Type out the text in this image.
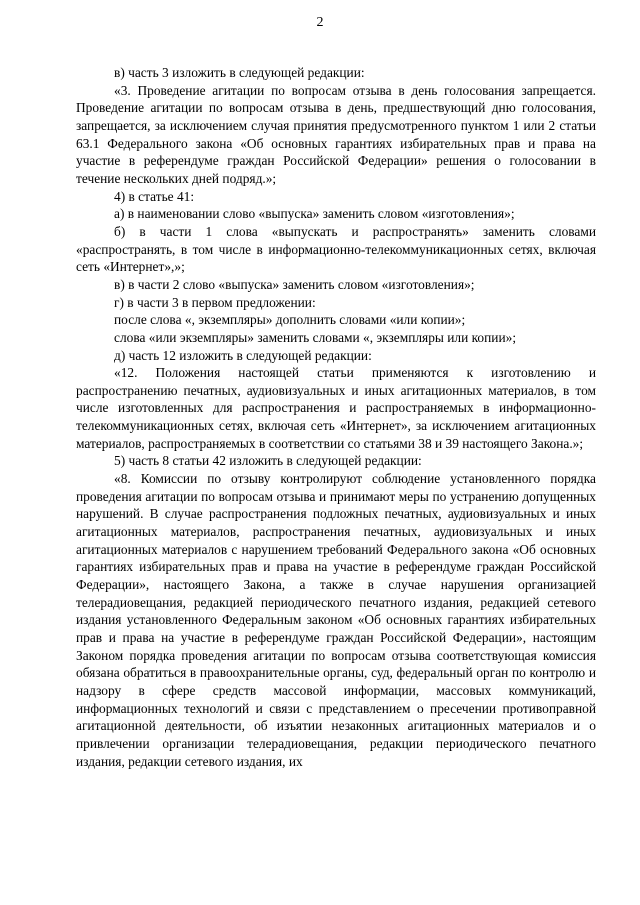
2

в) часть 3 изложить в следующей редакции:

«3. Проведение агитации по вопросам отзыва в день голосования запрещается. Проведение агитации по вопросам отзыва в день, предшествующий дню голосования, запрещается, за исключением случая принятия предусмотренного пунктом 1 или 2 статьи 63.1 Федерального закона «Об основных гарантиях избирательных прав и права на участие в референдуме граждан Российской Федерации» решения о голосовании в течение нескольких дней подряд.»;

4) в статье 41:

а) в наименовании слово «выпуска» заменить словом «изготовления»;

б) в части 1 слова «выпускать и распространять» заменить словами «распространять, в том числе в информационно-телекоммуникационных сетях, включая сеть «Интернет»,»;

в) в части 2 слово «выпуска» заменить словом «изготовления»;

г) в части 3 в первом предложении:

после слова «, экземпляры» дополнить словами «или копии»;

слова «или экземпляры» заменить словами «, экземпляры или копии»;

д) часть 12 изложить в следующей редакции:

«12. Положения настоящей статьи применяются к изготовлению и распространению печатных, аудиовизуальных и иных агитационных материалов, в том числе изготовленных для распространения и распространяемых в информационно-телекоммуникационных сетях, включая сеть «Интернет», за исключением агитационных материалов, распространяемых в соответствии со статьями 38 и 39 настоящего Закона.»;

5) часть 8 статьи 42 изложить в следующей редакции:

«8. Комиссии по отзыву контролируют соблюдение установленного порядка проведения агитации по вопросам отзыва и принимают меры по устранению допущенных нарушений. В случае распространения подложных печатных, аудиовизуальных и иных агитационных материалов, распространения печатных, аудиовизуальных и иных агитационных материалов с нарушением требований Федерального закона «Об основных гарантиях избирательных прав и права на участие в референдуме граждан Российской Федерации», настоящего Закона, а также в случае нарушения организацией телерадиовещания, редакцией периодического печатного издания, редакцией сетевого издания установленного Федеральным законом «Об основных гарантиях избирательных прав и права на участие в референдуме граждан Российской Федерации», настоящим Законом порядка проведения агитации по вопросам отзыва соответствующая комиссия обязана обратиться в правоохранительные органы, суд, федеральный орган по контролю и надзору в сфере средств массовой информации, массовых коммуникаций, информационных технологий и связи с представлением о пресечении противоправной агитационной деятельности, об изъятии незаконных агитационных материалов и о привлечении организации телерадиовещания, редакции периодического печатного издания, редакции сетевого издания, их
